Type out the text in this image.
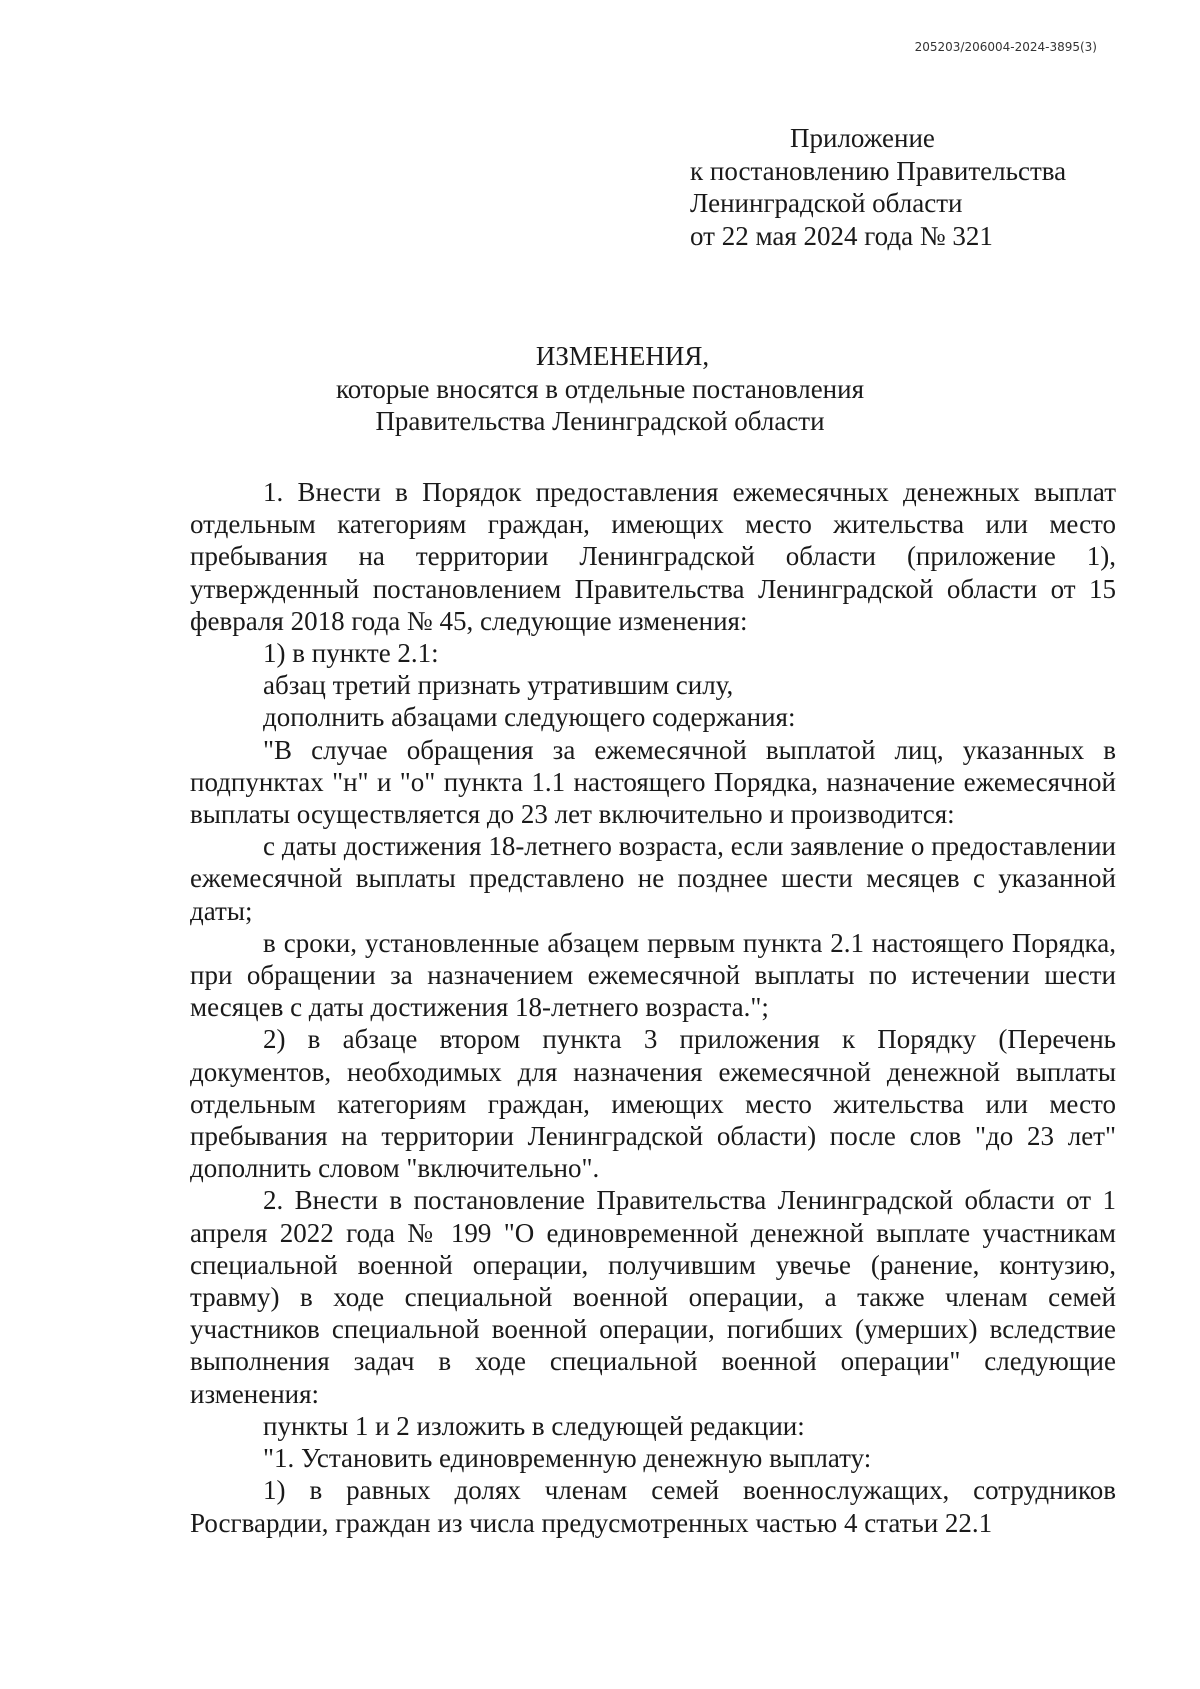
205203/206004-2024-3895(3)
Приложение
к постановлению Правительства
Ленинградской области
от 22 мая 2024 года № 321
ИЗМЕНЕНИЯ,
которые вносятся в отдельные постановления
Правительства Ленинградской области

1. Внести в Порядок предоставления ежемесячных денежных выплат отдельным категориям граждан, имеющих место жительства или место пребывания на территории Ленинградской области (приложение 1), утвержденный постановлением Правительства Ленинградской области от 15 февраля 2018 года № 45, следующие изменения:

1) в пункте 2.1:

абзац третий признать утратившим силу,

дополнить абзацами следующего содержания:

"В случае обращения за ежемесячной выплатой лиц, указанных в подпунктах "н" и "о" пункта 1.1 настоящего Порядка, назначение ежемесячной выплаты осуществляется до 23 лет включительно и производится:

с даты достижения 18-летнего возраста, если заявление о предоставлении ежемесячной выплаты представлено не позднее шести месяцев с указанной даты;

в сроки, установленные абзацем первым пункта 2.1 настоящего Порядка, при обращении за назначением ежемесячной выплаты по истечении шести месяцев с даты достижения 18-летнего возраста.";

2) в абзаце втором пункта 3 приложения к Порядку (Перечень документов, необходимых для назначения ежемесячной денежной выплаты отдельным категориям граждан, имеющих место жительства или место пребывания на территории Ленинградской области) после слов "до 23 лет" дополнить словом "включительно".

2. Внести в постановление Правительства Ленинградской области от 1 апреля 2022 года № 199 "О единовременной денежной выплате участникам специальной военной операции, получившим увечье (ранение, контузию, травму) в ходе специальной военной операции, а также членам семей участников специальной военной операции, погибших (умерших) вследствие выполнения задач в ходе специальной военной операции" следующие изменения:

пункты 1 и 2 изложить в следующей редакции:

"1. Установить единовременную денежную выплату:

1) в равных долях членам семей военнослужащих, сотрудников Росгвардии, граждан из числа предусмотренных частью 4 статьи 22.1
